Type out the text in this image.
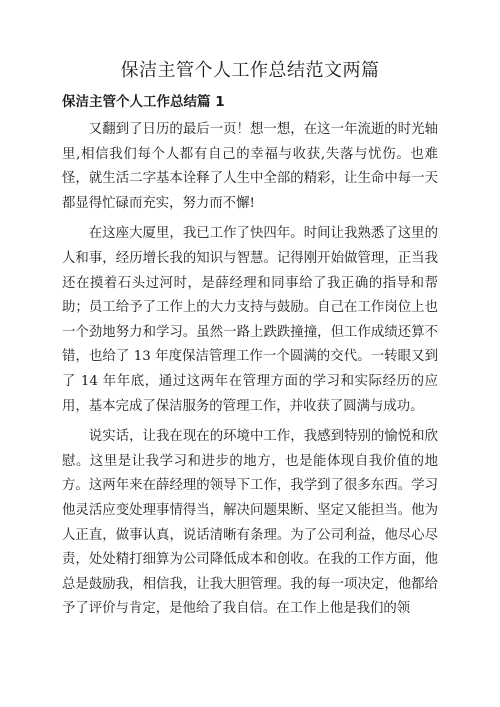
保洁主管个人工作总结范文两篇
保洁主管个人工作总结篇 1

又翻到了日历的最后一页！想一想，在这一年流逝的时光轴里,相信我们每个人都有自己的幸福与收获,失落与忧伤。也难怪，就生活二字基本诠释了人生中全部的精彩，让生命中每一天都显得忙碌而充实，努力而不懈!

在这座大厦里，我已工作了快四年。时间让我熟悉了这里的人和事，经历增长我的知识与智慧。记得刚开始做管理，正当我还在摸着石头过河时，是薛经理和同事给了我正确的指导和帮助；员工给予了工作上的大力支持与鼓励。自己在工作岗位上也一个劲地努力和学习。虽然一路上跌跌撞撞，但工作成绩还算不错，也给了 13 年度保洁管理工作一个圆满的交代。一转眼又到了 14 年年底，通过这两年在管理方面的学习和实际经历的应用，基本完成了保洁服务的管理工作，并收获了圆满与成功。

说实话，让我在现在的环境中工作，我感到特别的愉悦和欣慰。这里是让我学习和进步的地方，也是能体现自我价值的地方。这两年来在薛经理的领导下工作，我学到了很多东西。学习他灵活应变处理事情得当，解决问题果断、坚定又能担当。他为人正直，做事认真，说话清晰有条理。为了公司利益，他尽心尽责，处处精打细算为公司降低成本和创收。在我的工作方面，他总是鼓励我，相信我，让我大胆管理。我的每一项决定，他都给予了评价与肯定，是他给了我自信。在工作上他是我们的领
